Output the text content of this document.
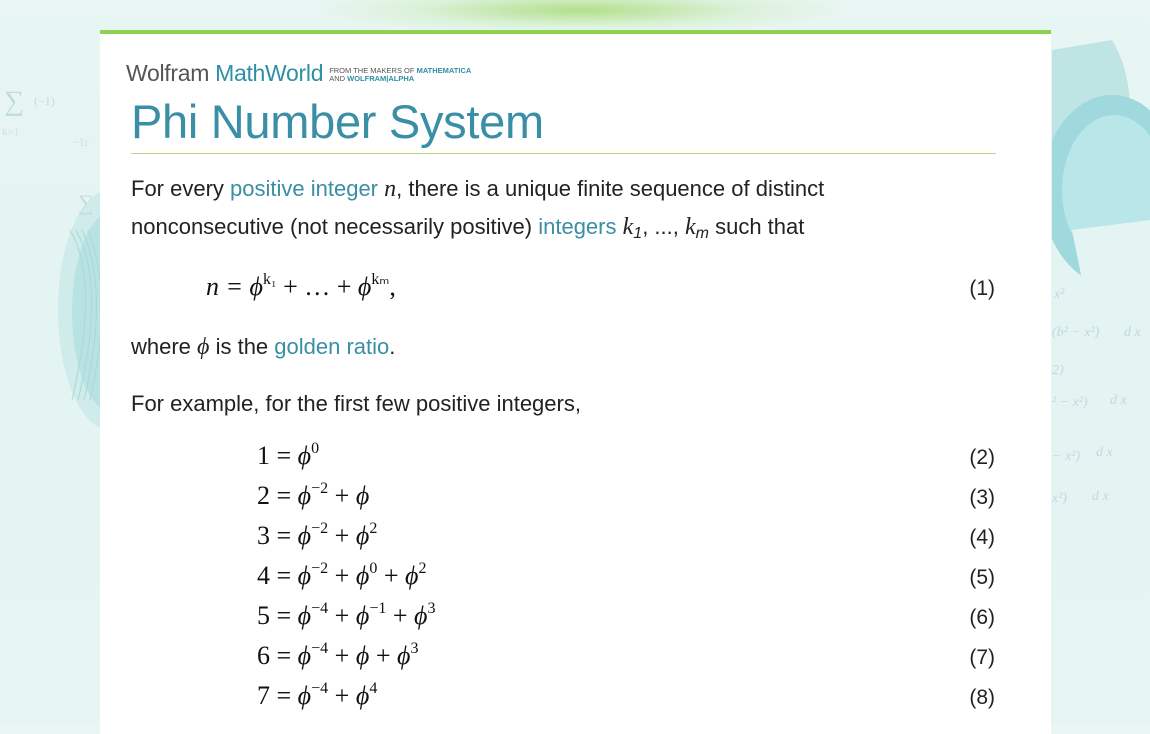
∑ (−1)
k=1
−1r
∑
x²
(b² − x²) d x
2)
² − x²) d x
− x²) d x
x²) d x
Wolfram MathWorld FROM THE MAKERS OF MATHEMATICA
AND WOLFRAM|ALPHA
Phi Number System
For every positive integer n, there is a unique finite sequence of distinct
nonconsecutive (not necessarily positive) integers $k_1$, ..., $k_m$ such that
$n = \phi^{k_1}$ + … + $\phi^{k_m}$,	(1)
where ϕ is the golden ratio.
For example, for the first few positive integers,
$1 = \phi^0$	(2)
$2 = \phi^{-2} + \phi$	(3)
$3 = \phi^{-2} + \phi^2$	(4)
$4 = \phi^{-2} + \phi^0 + \phi^2$	(5)
$5 = \phi^{-4} + \phi^{-1} + \phi^3$	(6)
$6 = \phi^{-4} + \phi + \phi^3$	(7)
$7 = \phi^{-4} + \phi^4$	(8)
